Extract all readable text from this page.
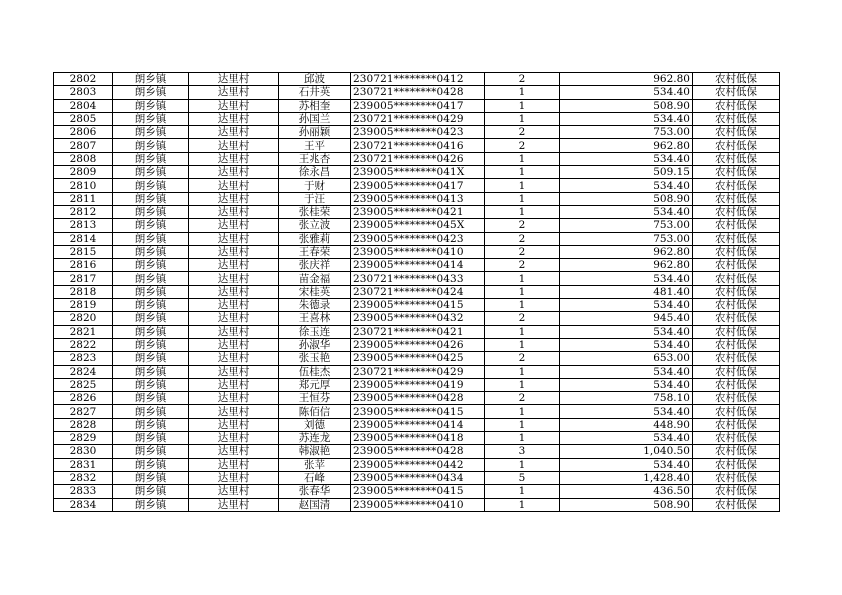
2802	朗乡镇	达里村	邱波	230721********0412	2	962.80	农村低保
2803	朗乡镇	达里村	石井英	230721********0428	1	534.40	农村低保
2804	朗乡镇	达里村	苏相奎	239005********0417	1	508.90	农村低保
2805	朗乡镇	达里村	孙国兰	230721********0429	1	534.40	农村低保
2806	朗乡镇	达里村	孙丽颖	239005********0423	2	753.00	农村低保
2807	朗乡镇	达里村	王平	230721********0416	2	962.80	农村低保
2808	朗乡镇	达里村	王兆杏	230721********0426	1	534.40	农村低保
2809	朗乡镇	达里村	徐永昌	239005********041X	1	509.15	农村低保
2810	朗乡镇	达里村	于财	239005********0417	1	534.40	农村低保
2811	朗乡镇	达里村	于汪	239005********0413	1	508.90	农村低保
2812	朗乡镇	达里村	张桂荣	239005********0421	1	534.40	农村低保
2813	朗乡镇	达里村	张立波	239005********045X	2	753.00	农村低保
2814	朗乡镇	达里村	张雅莉	239005********0423	2	753.00	农村低保
2815	朗乡镇	达里村	王春荣	239005********0410	2	962.80	农村低保
2816	朗乡镇	达里村	张庆祥	239005********0414	2	962.80	农村低保
2817	朗乡镇	达里村	苗金福	230721********0433	1	534.40	农村低保
2818	朗乡镇	达里村	宋桂英	230721********0424	1	481.40	农村低保
2819	朗乡镇	达里村	朱德录	239005********0415	1	534.40	农村低保
2820	朗乡镇	达里村	王喜林	239005********0432	2	945.40	农村低保
2821	朗乡镇	达里村	徐玉连	230721********0421	1	534.40	农村低保
2822	朗乡镇	达里村	孙淑华	239005********0426	1	534.40	农村低保
2823	朗乡镇	达里村	张玉艳	239005********0425	2	653.00	农村低保
2824	朗乡镇	达里村	伍桂杰	230721********0429	1	534.40	农村低保
2825	朗乡镇	达里村	郑元厚	239005********0419	1	534.40	农村低保
2826	朗乡镇	达里村	王恒芬	239005********0428	2	758.10	农村低保
2827	朗乡镇	达里村	陈佰信	239005********0415	1	534.40	农村低保
2828	朗乡镇	达里村	刘德	239005********0414	1	448.90	农村低保
2829	朗乡镇	达里村	苏连龙	239005********0418	1	534.40	农村低保
2830	朗乡镇	达里村	韩淑艳	239005********0428	3	1,040.50	农村低保
2831	朗乡镇	达里村	张苹	239005********0442	1	534.40	农村低保
2832	朗乡镇	达里村	石峰	239005********0434	5	1,428.40	农村低保
2833	朗乡镇	达里村	张春华	239005********0415	1	436.50	农村低保
2834	朗乡镇	达里村	赵国清	239005********0410	1	508.90	农村低保
